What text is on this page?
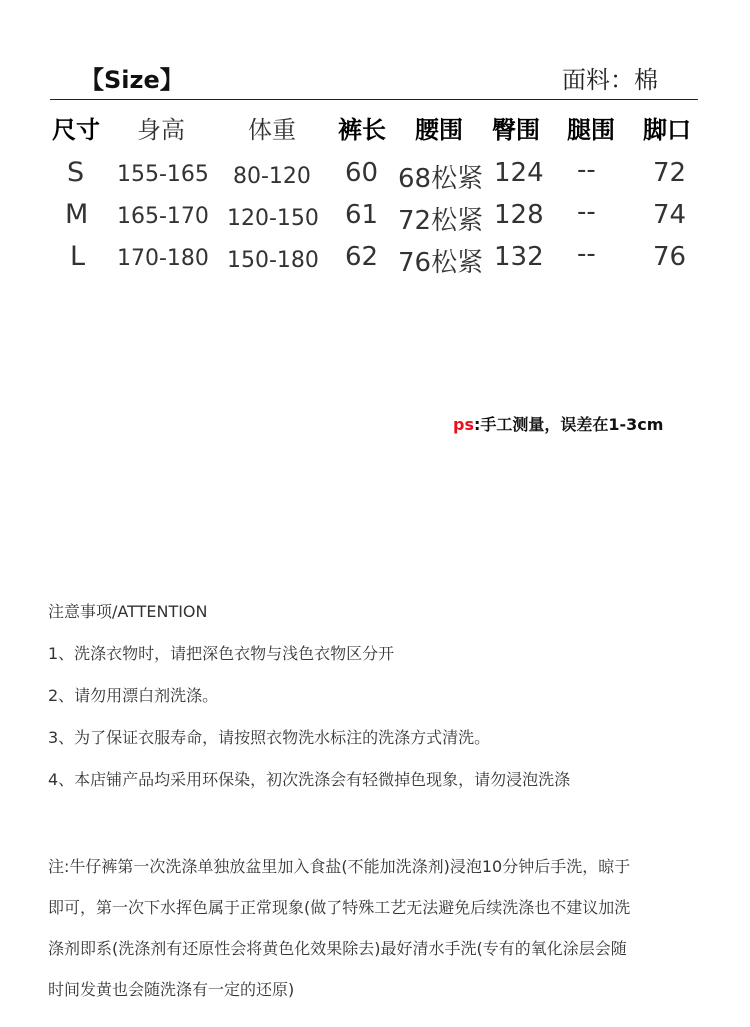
【Size】	面料：棉
尺寸 身高	体重 裤长 腰围 臀围 腿围 脚口
S 155-165 80-120 60 68松紧 124 -- 72
M 165-170 120-150 61 72松紧 128 -- 74
L 170-180 150-180 62 76松紧 132 -- 76
ps:手工测量，误差在1-3cm
注意事项/ATTENTION
1、洗涤衣物时，请把深色衣物与浅色衣物区分开
2、请勿用漂白剂洗涤。
3、为了保证衣服寿命，请按照衣物洗水标注的洗涤方式清洗。
4、本店铺产品均采用环保染，初次洗涤会有轻微掉色现象，请勿浸泡洗涤
注:牛仔裤第一次洗涤单独放盆里加入食盐(不能加洗涤剂)浸泡10分钟后手洗，晾于
即可，第一次下水挥色属于正常现象(做了特殊工艺无法避免后续洗涤也不建议加洗
涤剂即系(洗涤剂有还原性会将黄色化效果除去)最好清水手洗(专有的氧化涂层会随
时间发黄也会随洗涤有一定的还原)
